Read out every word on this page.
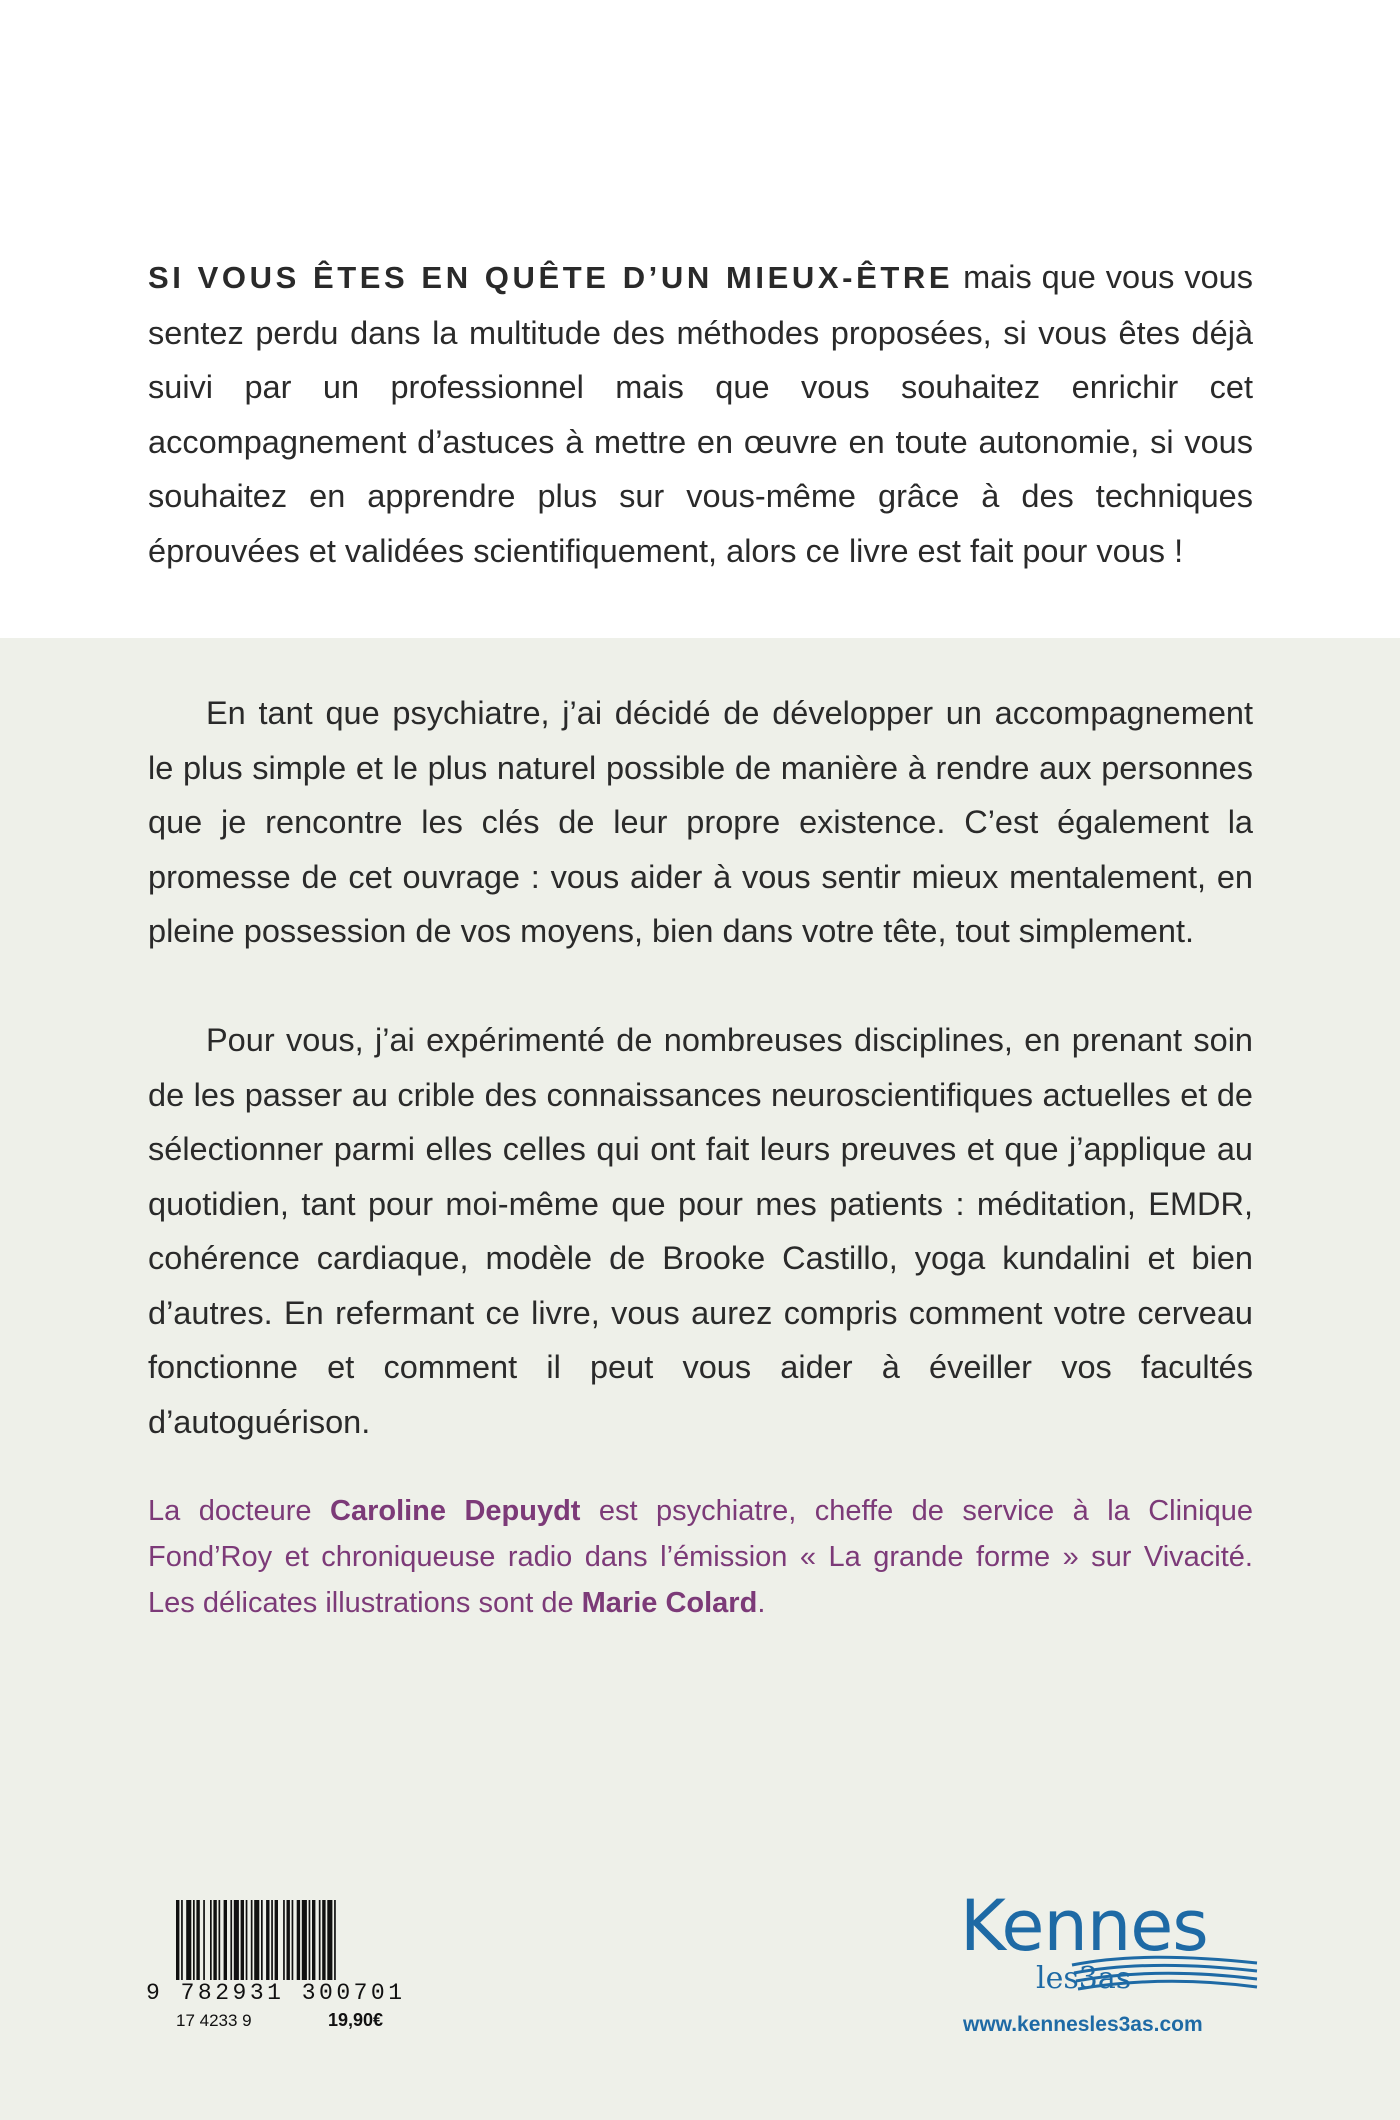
SI VOUS ÊTES EN QUÊTE D’UN MIEUX-ÊTRE mais que vous vous sentez perdu dans la multitude des méthodes proposées, si vous êtes déjà suivi par un professionnel mais que vous souhaitez enrichir cet accompagnement d’astuces à mettre en œuvre en toute autonomie, si vous souhaitez en apprendre plus sur vous-même grâce à des techniques éprouvées et validées scientifiquement, alors ce livre est fait pour vous !

En tant que psychiatre, j’ai décidé de développer un accompagnement le plus simple et le plus naturel possible de manière à rendre aux personnes que je rencontre les clés de leur propre existence. C’est également la promesse de cet ouvrage : vous aider à vous sentir mieux mentalement, en pleine possession de vos moyens, bien dans votre tête, tout simplement.

Pour vous, j’ai expérimenté de nombreuses disciplines, en prenant soin de les passer au crible des connaissances neuroscientifiques actuelles et de sélectionner parmi elles celles qui ont fait leurs preuves et que j’applique au quotidien, tant pour moi-même que pour mes patients : méditation, EMDR, cohérence cardiaque, modèle de Brooke Castillo, yoga kundalini et bien d’autres. En refermant ce livre, vous aurez compris comment votre cerveau fonctionne et comment il peut vous aider à éveiller vos facultés d’autoguérison.

La docteure Caroline Depuydt est psychiatre, cheffe de service à la Clinique Fond’Roy et chroniqueuse radio dans l’émission « La grande forme » sur Vivacité. Les délicates illustrations sont de Marie Colard.

9 782931 300701
17 4233 9	19,90€
Kennes
les3as
www.kennesles3as.com
